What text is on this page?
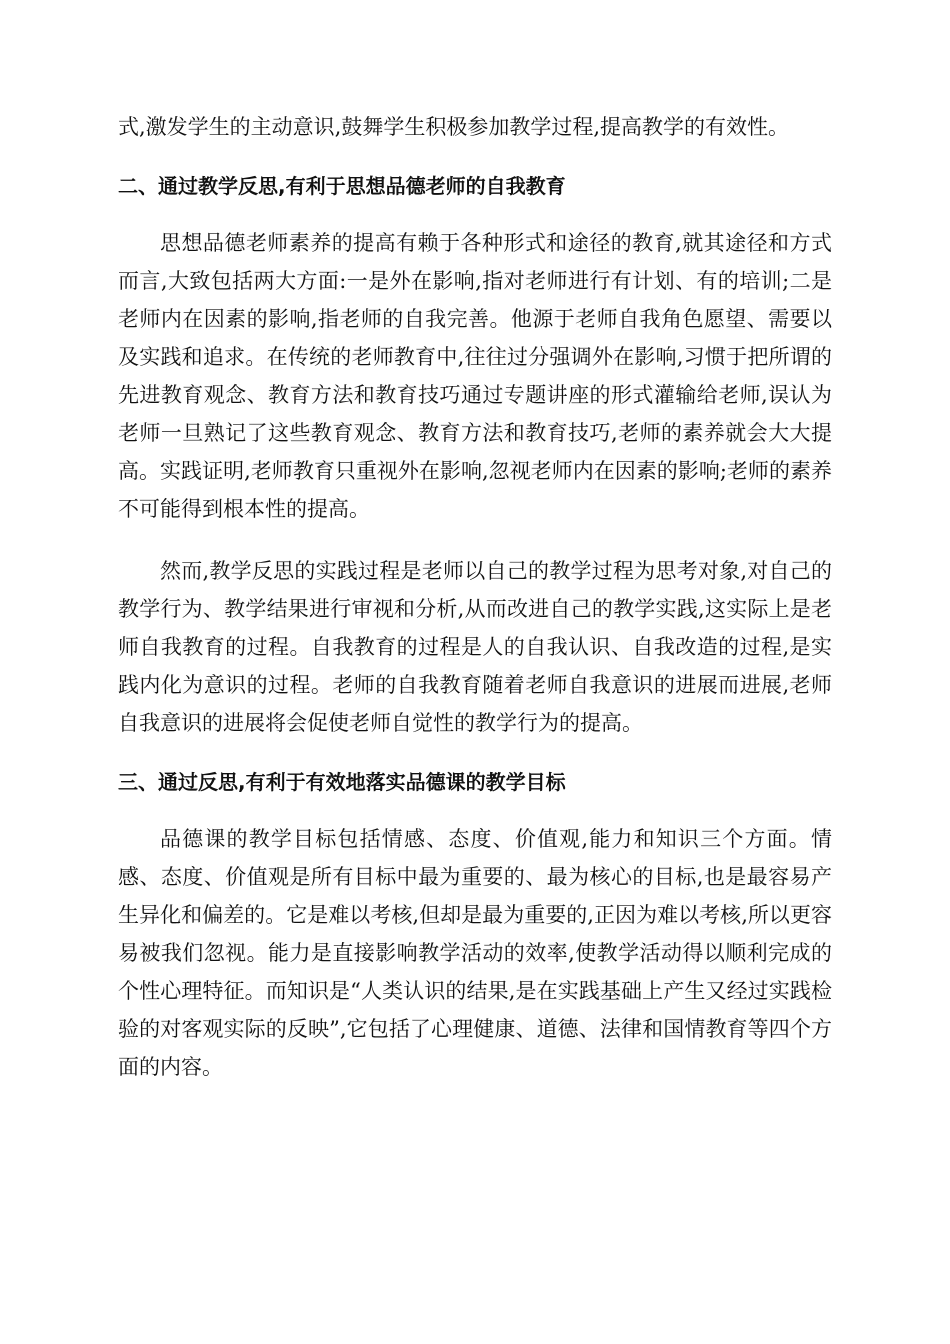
式,激发学生的主动意识,鼓舞学生积极参加教学过程,提高教学的有效性。

二、通过教学反思,有利于思想品德老师的自我教育

思想品德老师素养的提高有赖于各种形式和途径的教育,就其途径和方式而言,大致包括两大方面:一是外在影响,指对老师进行有计划、有的培训;二是老师内在因素的影响,指老师的自我完善。他源于老师自我角色愿望、需要以及实践和追求。在传统的老师教育中,往往过分强调外在影响,习惯于把所谓的先进教育观念、教育方法和教育技巧通过专题讲座的形式灌输给老师,误认为老师一旦熟记了这些教育观念、教育方法和教育技巧,老师的素养就会大大提高。实践证明,老师教育只重视外在影响,忽视老师内在因素的影响;老师的素养不可能得到根本性的提高。

然而,教学反思的实践过程是老师以自己的教学过程为思考对象,对自己的教学行为、教学结果进行审视和分析,从而改进自己的教学实践,这实际上是老师自我教育的过程。自我教育的过程是人的自我认识、自我改造的过程,是实践内化为意识的过程。老师的自我教育随着老师自我意识的进展而进展,老师自我意识的进展将会促使老师自觉性的教学行为的提高。

三、通过反思,有利于有效地落实品德课的教学目标

品德课的教学目标包括情感、态度、价值观,能力和知识三个方面。情感、态度、价值观是所有目标中最为重要的、最为核心的目标,也是最容易产生异化和偏差的。它是难以考核,但却是最为重要的,正因为难以考核,所以更容易被我们忽视。能力是直接影响教学活动的效率,使教学活动得以顺利完成的个性心理特征。而知识是“人类认识的结果,是在实践基础上产生又经过实践检验的对客观实际的反映”,它包括了心理健康、道德、法律和国情教育等四个方面的内容。
